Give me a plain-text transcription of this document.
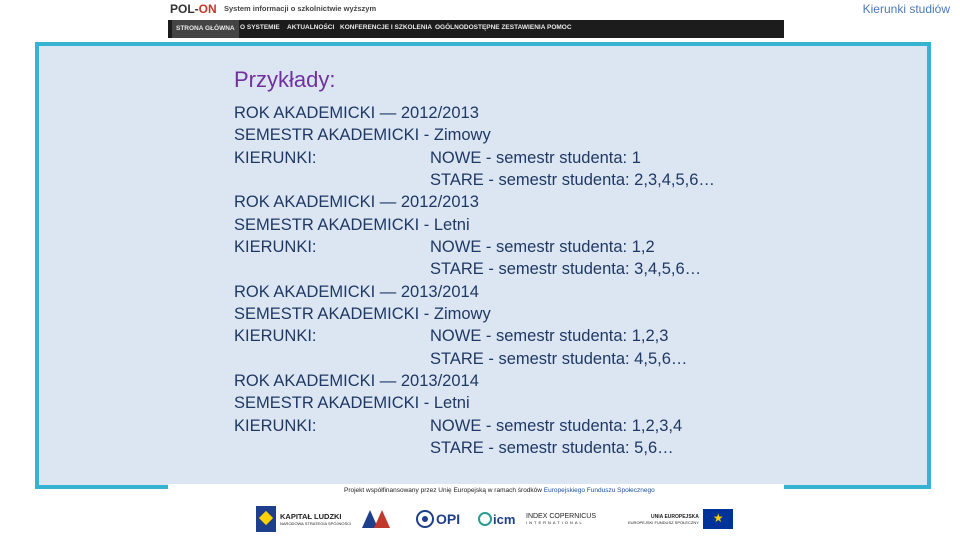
POL-ON System informacji o szkolnictwie wyższym	Kierunki studiów
STRONA GŁÓWNA O SYSTEMIE AKTUALNOŚCI KONFERENCJE I SZKOLENIA OGÓLNODOSTĘPNE ZESTAWIENIA POMOC
Przykłady:
ROK AKADEMICKI — 2012/2013
SEMESTR AKADEMICKI - Zimowy
KIERUNKI:	NOWE - semestr studenta: 1
STARE - semestr studenta: 2,3,4,5,6…
ROK AKADEMICKI — 2012/2013
SEMESTR AKADEMICKI - Letni
KIERUNKI:	NOWE - semestr studenta: 1,2
STARE - semestr studenta: 3,4,5,6…
ROK AKADEMICKI — 2013/2014
SEMESTR AKADEMICKI - Zimowy
KIERUNKI:	NOWE - semestr studenta: 1,2,3
STARE - semestr studenta: 4,5,6…
ROK AKADEMICKI — 2013/2014
SEMESTR AKADEMICKI - Letni
KIERUNKI:	NOWE - semestr studenta: 1,2,3,4
STARE - semestr studenta: 5,6…
Projekt współfinansowany przez Unię Europejską w ramach środków Europejskiego Funduszu Społecznego
KAPITAŁ LUDZKI
NARODOWA STRATEGIA SPÓJNOŚCI	OPI	icm INDEX COPERNICUS
INTERNATIONAL
UNIA EUROPEJSKA
EUROPEJSKI FUNDUSZ SPOŁECZNY
★
